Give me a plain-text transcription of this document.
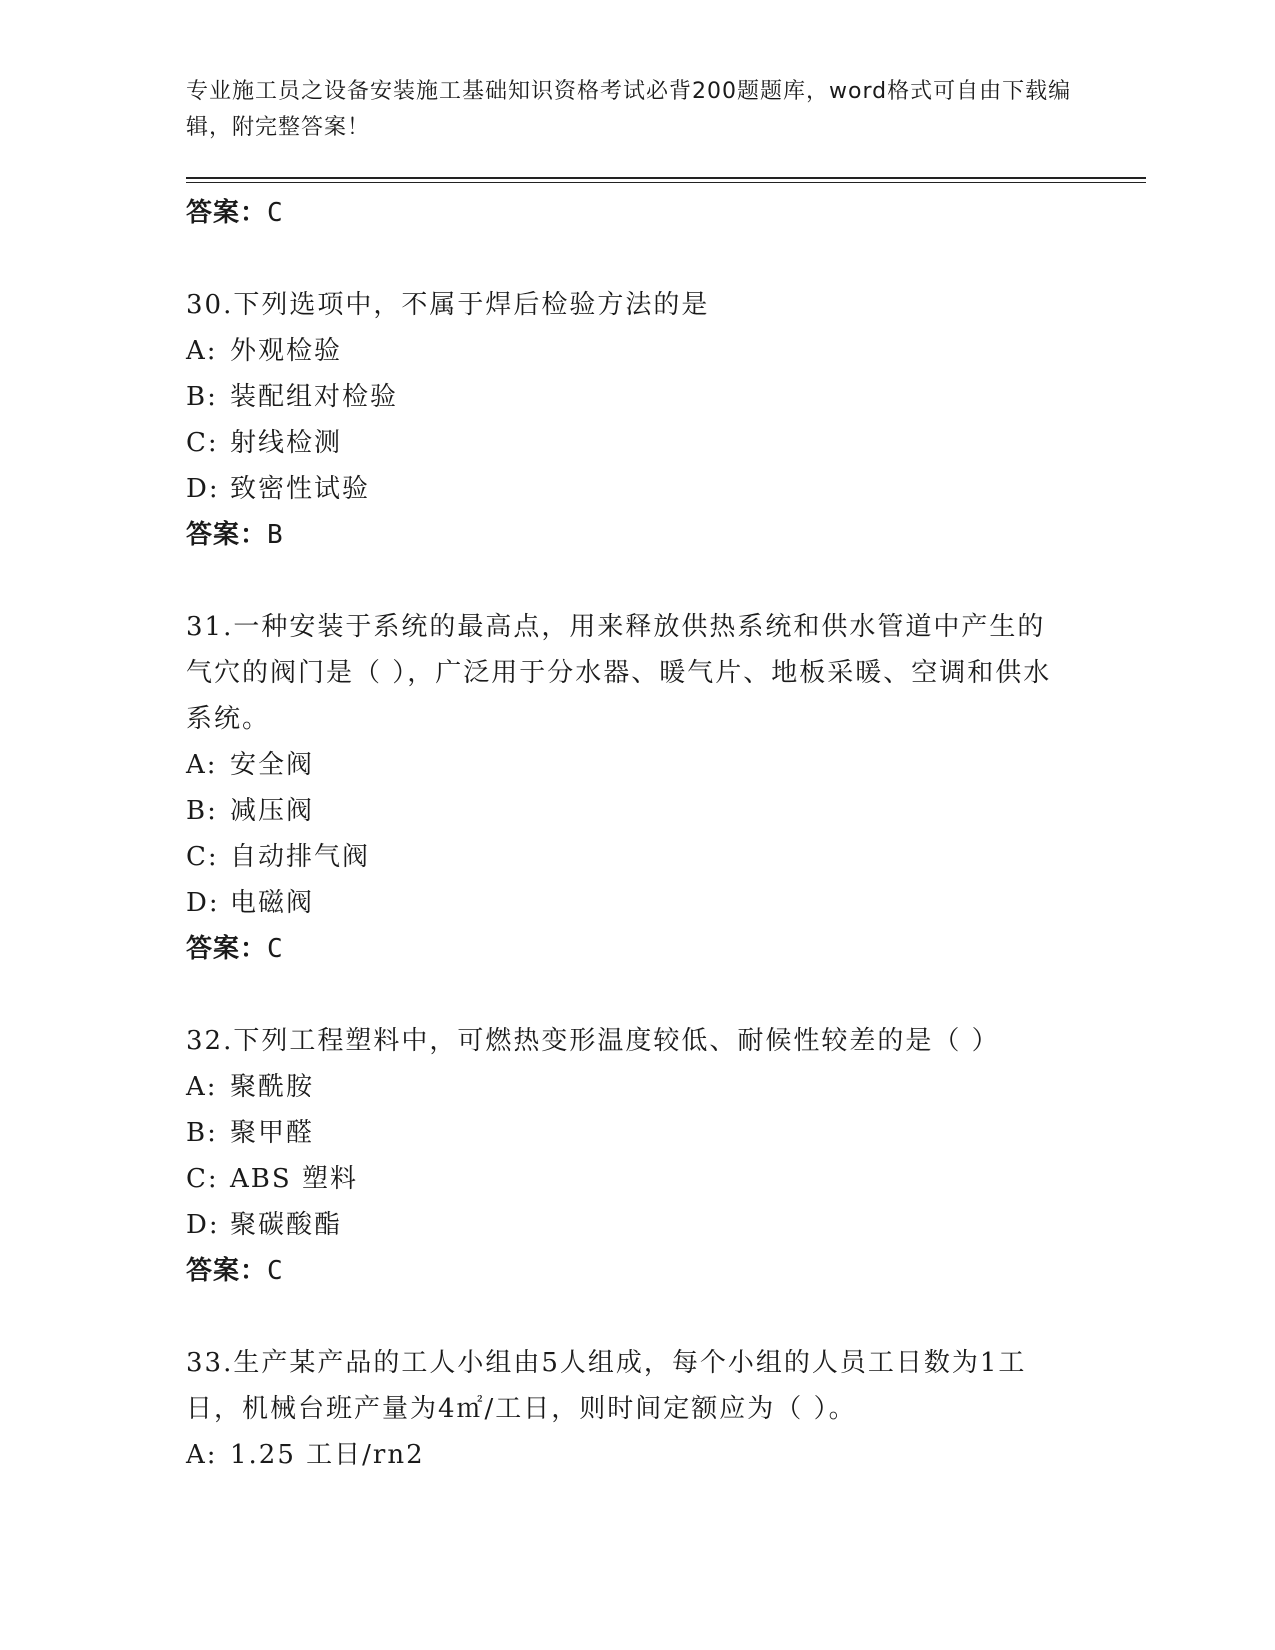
专业施工员之设备安装施工基础知识资格考试必背200题题库，word格式可自由下载编辑，附完整答案！
答案：C
30.下列选项中，不属于焊后检验方法的是
A: 外观检验
B: 装配组对检验
C: 射线检测
D: 致密性试验
答案：B
31.一种安装于系统的最高点，用来释放供热系统和供水管道中产生的气穴的阀门是（ ），广泛用于分水器、暖气片、地板采暖、空调和供水系统。
A: 安全阀
B: 减压阀
C: 自动排气阀
D: 电磁阀
答案：C
32.下列工程塑料中，可燃热变形温度较低、耐候性较差的是（ ）
A: 聚酰胺
B: 聚甲醛
C: ABS 塑料
D: 聚碳酸酯
答案：C
33.生产某产品的工人小组由5人组成，每个小组的人员工日数为1工日，机械台班产量为4㎡/工日，则时间定额应为（ ）。
A: 1.25 工日/rn2
